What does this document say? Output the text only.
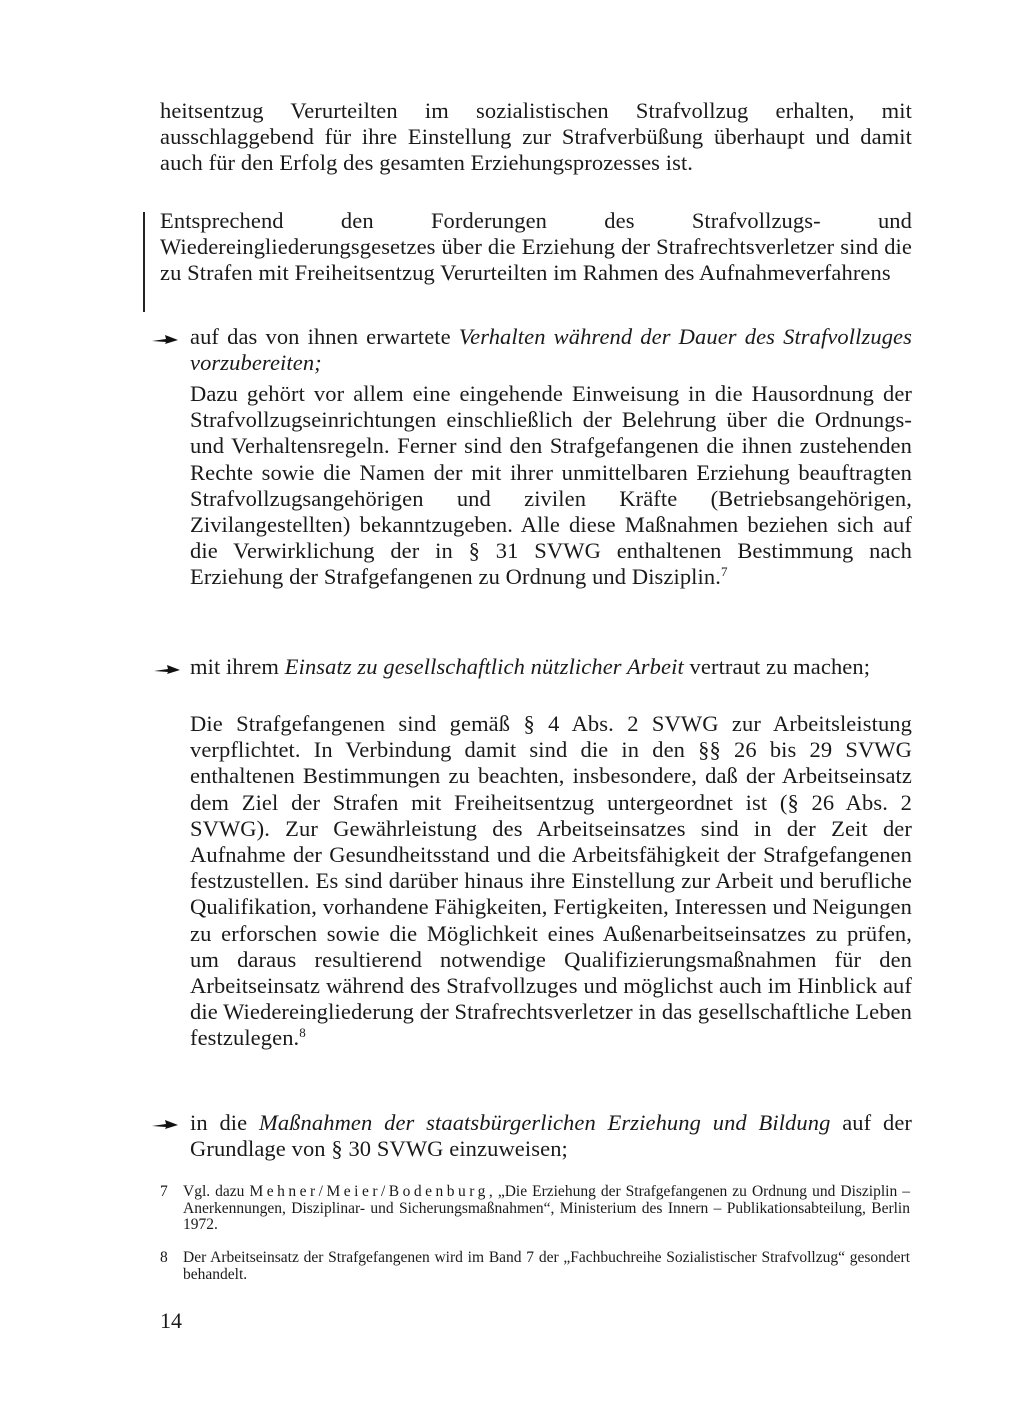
heitsentzug Verurteilten im sozialistischen Strafvollzug erhalten, mit ausschlaggebend für ihre Einstellung zur Strafverbüßung überhaupt und damit auch für den Erfolg des gesamten Erziehungsprozesses ist.

Entsprechend den Forderungen des Strafvollzugs- und Wiedereingliederungsgesetzes über die Erziehung der Strafrechtsverletzer sind die zu Strafen mit Freiheitsentzug Verurteilten im Rahmen des Aufnahmeverfahrens

auf das von ihnen erwartete Verhalten während der Dauer des Strafvollzuges vorzubereiten;

Dazu gehört vor allem eine eingehende Einweisung in die Hausordnung der Strafvollzugseinrichtungen einschließlich der Belehrung über die Ordnungs- und Verhaltensregeln. Ferner sind den Strafgefangenen die ihnen zustehenden Rechte sowie die Namen der mit ihrer unmittelbaren Erziehung beauftragten Strafvollzugsangehörigen und zivilen Kräfte (Betriebsangehörigen, Zivilangestellten) bekanntzugeben. Alle diese Maßnahmen beziehen sich auf die Verwirklichung der in § 31 SVWG enthaltenen Bestimmung nach Erziehung der Strafgefangenen zu Ordnung und Disziplin.$^7$

mit ihrem Einsatz zu gesellschaftlich nützlicher Arbeit vertraut zu machen;

Die Strafgefangenen sind gemäß § 4 Abs. 2 SVWG zur Arbeitsleistung verpflichtet. In Verbindung damit sind die in den §§ 26 bis 29 SVWG enthaltenen Bestimmungen zu beachten, insbesondere, daß der Arbeitseinsatz dem Ziel der Strafen mit Freiheitsentzug untergeordnet ist (§ 26 Abs. 2 SVWG). Zur Gewährleistung des Arbeitseinsatzes sind in der Zeit der Aufnahme der Gesundheitsstand und die Arbeitsfähigkeit der Strafgefangenen festzustellen. Es sind darüber hinaus ihre Einstellung zur Arbeit und berufliche Qualifikation, vorhandene Fähigkeiten, Fertigkeiten, Interessen und Neigungen zu erforschen sowie die Möglichkeit eines Außenarbeitseinsatzes zu prüfen, um daraus resultierend notwendige Qualifizierungsmaßnahmen für den Arbeitseinsatz während des Strafvollzuges und möglichst auch im Hinblick auf die Wiedereingliederung der Strafrechtsverletzer in das gesellschaftliche Leben festzulegen.$^8$

in die Maßnahmen der staatsbürgerlichen Erziehung und Bildung auf der Grundlage von § 30 SVWG einzuweisen;

7 Vgl. dazu Mehner/Meier/Bodenburg, „Die Erziehung der Strafgefangenen zu Ordnung und Disziplin – Anerkennungen, Disziplinar- und Sicherungsmaßnahmen“, Ministerium des Innern – Publikationsabteilung, Berlin 1972.
8 Der Arbeitseinsatz der Strafgefangenen wird im Band 7 der „Fachbuchreihe Sozialistischer Strafvollzug“ gesondert behandelt.
14
